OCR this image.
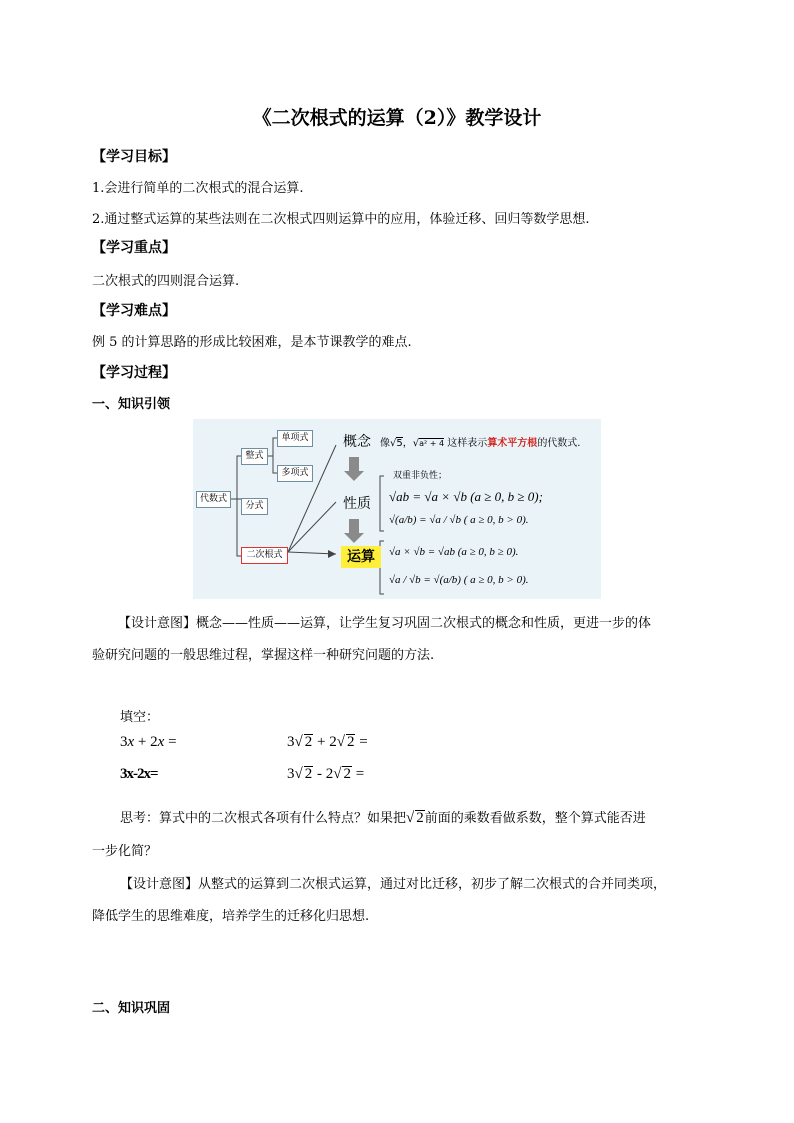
《二次根式的运算（2）》教学设计
【学习目标】
1.会进行简单的二次根式的混合运算.
2.通过整式运算的某些法则在二次根式四则运算中的应用，体验迁移、回归等数学思想.
【学习重点】
二次根式的四则混合运算.
【学习难点】
例 5 的计算思路的形成比较困难，是本节课教学的难点.
【学习过程】
一、知识引领
代数式
整式
单项式
多项式
分式
二次根式
概念
性质
运算
像√5，√a² + 4 这样表示算术平方根的代数式.
双重非负性；
√ab = √a × √b (a ≥ 0, b ≥ 0);
√(a/b) = √a / √b ( a ≥ 0, b > 0).
√a × √b = √ab (a ≥ 0, b ≥ 0).
√a / √b = √(a/b) ( a ≥ 0, b > 0).
【设计意图】概念——性质——运算，让学生复习巩固二次根式的概念和性质，更进一步的体
验研究问题的一般思维过程，掌握这样一种研究问题的方法.
填空：
3x + 2x =	3√ 2 + 2√ 2 =
3x-2x=	3√ 2 - 2√ 2 =
思考：算式中的二次根式各项有什么特点？如果把√ 2前面的乘数看做系数，整个算式能否进
一步化简？
【设计意图】从整式的运算到二次根式运算，通过对比迁移，初步了解二次根式的合并同类项，
降低学生的思维难度，培养学生的迁移化归思想.
二、知识巩固
